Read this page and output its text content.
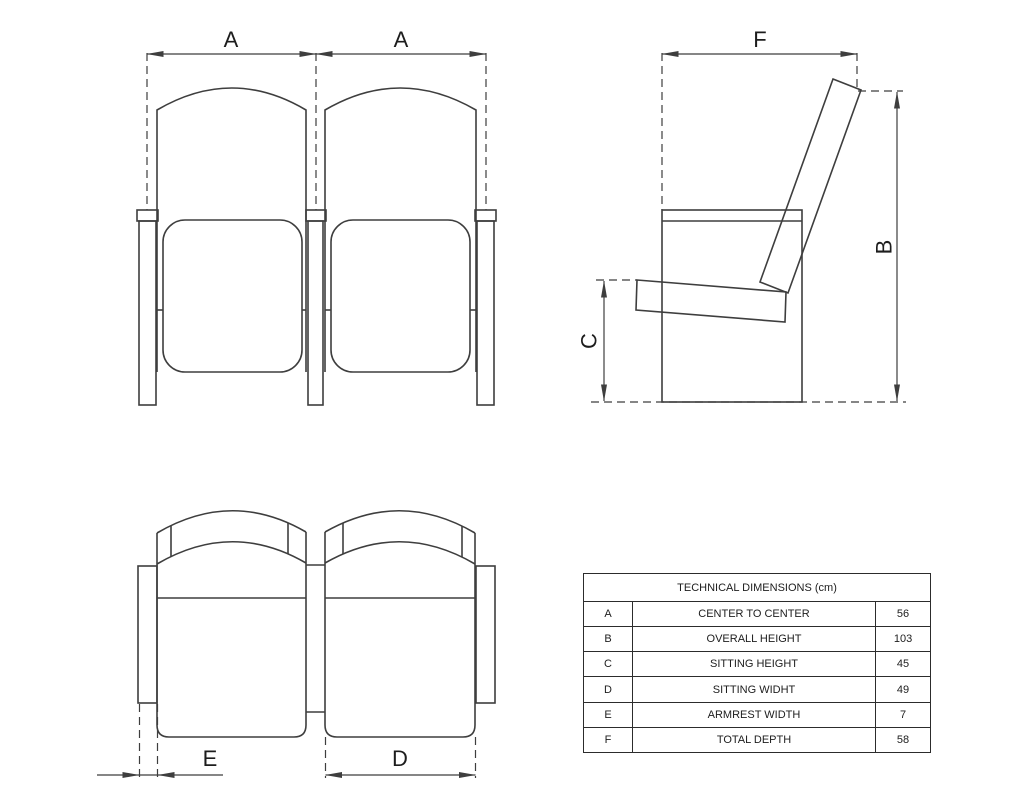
A	A	F
B
C
E	D
TECHNICAL DIMENSIONS (cm)		
A	CENTER TO CENTER	56
B	OVERALL HEIGHT	103
C	SITTING HEIGHT	45
D	SITTING WIDHT	49
E	ARMREST WIDTH	7
F	TOTAL DEPTH	58
